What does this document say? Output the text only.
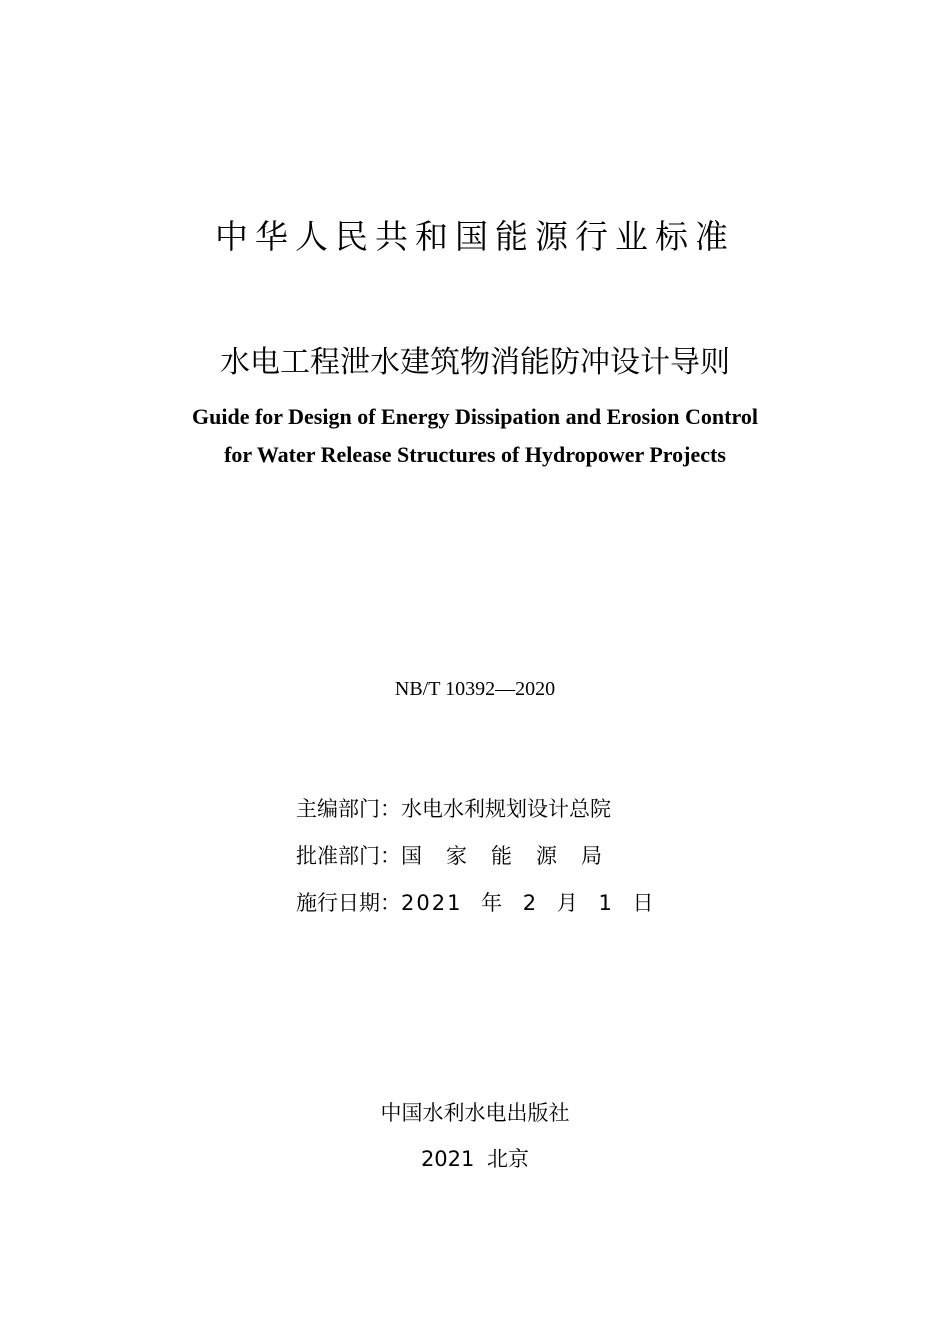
中华人民共和国能源行业标准
水电工程泄水建筑物消能防冲设计导则
Guide for Design of Energy Dissipation and Erosion Control
for Water Release Structures of Hydropower Projects
NB/T 10392—2020
主编部门：水电水利规划设计总院
批准部门：国家能源局
施行日期：2021 年 2 月 1 日
中国水利水电出版社
2021 北京
